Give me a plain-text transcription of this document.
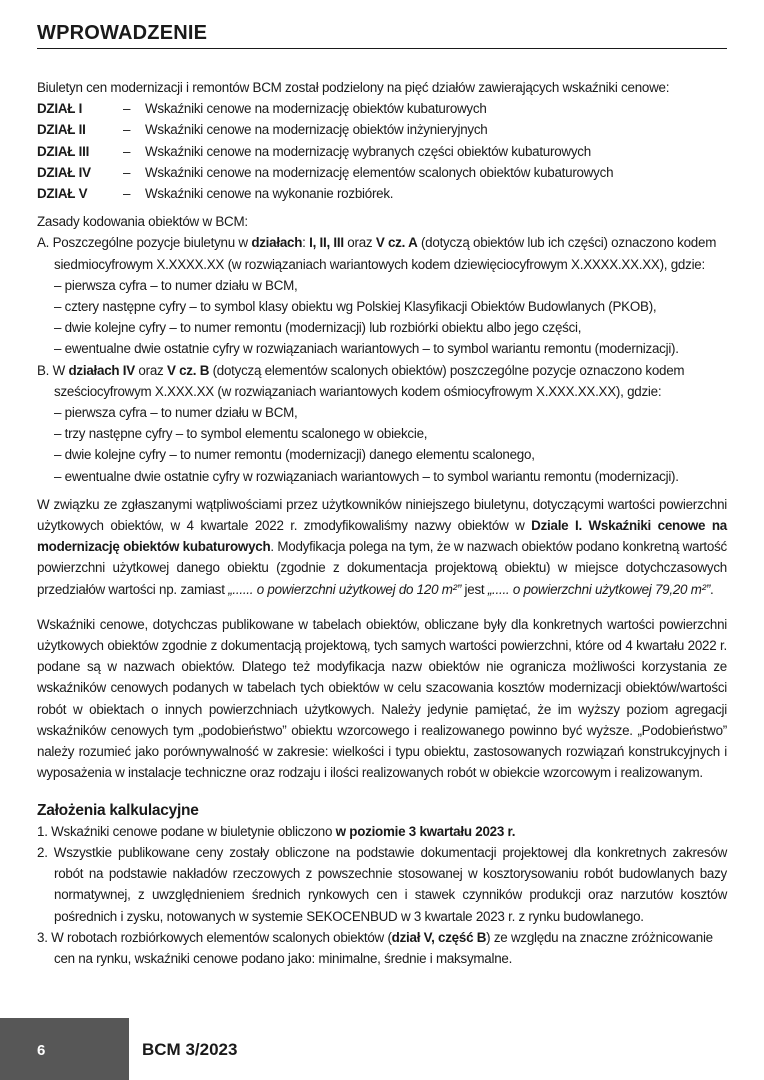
WPROWADZENIE

Biuletyn cen modernizacji i remontów BCM został podzielony na pięć działów zawierających wskaźniki cenowe:

DZIAŁ I	–	Wskaźniki cenowe na modernizację obiektów kubaturowych
DZIAŁ II	–	Wskaźniki cenowe na modernizację obiektów inżynieryjnych
DZIAŁ III	–	Wskaźniki cenowe na modernizację wybranych części obiektów kubaturowych
DZIAŁ IV	–	Wskaźniki cenowe na modernizację elementów scalonych obiektów kubaturowych
DZIAŁ V	–	Wskaźniki cenowe na wykonanie rozbiórek.

Zasady kodowania obiektów w BCM:

A. Poszczególne pozycje biuletynu w działach: I, II, III oraz V cz. A (dotyczą obiektów lub ich części) oznaczono kodem siedmiocyfrowym X.XXXX.XX (w rozwiązaniach wariantowych kodem dziewięciocyfrowym X.XXXX.XX.XX), gdzie:

– pierwsza cyfra – to numer działu w BCM,

– cztery następne cyfry – to symbol klasy obiektu wg Polskiej Klasyfikacji Obiektów Budowlanych (PKOB),

– dwie kolejne cyfry – to numer remontu (modernizacji) lub rozbiórki obiektu albo jego części,

– ewentualne dwie ostatnie cyfry w rozwiązaniach wariantowych – to symbol wariantu remontu (modernizacji).

B. W działach IV oraz V cz. B (dotyczą elementów scalonych obiektów) poszczególne pozycje oznaczono kodem sześciocyfrowym X.XXX.XX (w rozwiązaniach wariantowych kodem ośmiocyfrowym X.XXX.XX.XX), gdzie:

– pierwsza cyfra – to numer działu w BCM,

– trzy następne cyfry – to symbol elementu scalonego w obiekcie,

– dwie kolejne cyfry – to numer remontu (modernizacji) danego elementu scalonego,

– ewentualne dwie ostatnie cyfry w rozwiązaniach wariantowych – to symbol wariantu remontu (modernizacji).

W związku ze zgłaszanymi wątpliwościami przez użytkowników niniejszego biuletynu, dotyczącymi wartości powierzchni użytkowych obiektów, w 4 kwartale 2022 r. zmodyfikowaliśmy nazwy obiektów w Dziale I. Wskaźniki cenowe na modernizację obiektów kubaturowych. Modyfikacja polega na tym, że w nazwach obiektów podano konkretną wartość powierzchni użytkowej danego obiektu (zgodnie z dokumentacja projektową obiektu) w miejsce dotychczasowych przedziałów wartości np. zamiast „...... o powierzchni użytkowej do 120 m²” jest „..... o powierzchni użytkowej 79,20 m²”.

Wskaźniki cenowe, dotychczas publikowane w tabelach obiektów, obliczane były dla konkretnych wartości powierzchni użytkowych obiektów zgodnie z dokumentacją projektową, tych samych wartości powierzchni, które od 4 kwartału 2022 r. podane są w nazwach obiektów. Dlatego też modyfikacja nazw obiektów nie ogranicza możliwości korzystania ze wskaźników cenowych podanych w tabelach tych obiektów w celu szacowania kosztów modernizacji obiektów/wartości robót w obiektach o innych powierzchniach użytkowych. Należy jedynie pamiętać, że im wyższy poziom agregacji wskaźników cenowych tym „podobieństwo” obiektu wzorcowego i realizowanego powinno być wyższe. „Podobieństwo” należy rozumieć jako porównywalność w zakresie: wielkości i typu obiektu, zastosowanych rozwiązań konstrukcyjnych i wyposażenia w instalacje techniczne oraz rodzaju i ilości realizowanych robót w obiekcie wzorcowym i realizowanym.

Założenia kalkulacyjne

1. Wskaźniki cenowe podane w biuletynie obliczono w poziomie 3 kwartału 2023 r.

2. Wszystkie publikowane ceny zostały obliczone na podstawie dokumentacji projektowej dla konkretnych zakresów robót na podstawie nakładów rzeczowych z powszechnie stosowanej w kosztorysowaniu robót budowlanych bazy normatywnej, z uwzględnieniem średnich rynkowych cen i stawek czynników produkcji oraz narzutów kosztów pośrednich i zysku, notowanych w systemie SEKOCENBUD w 3 kwartale 2023 r. z rynku budowlanego.

3. W robotach rozbiórkowych elementów scalonych obiektów (dział V, część B) ze względu na znaczne zróżnicowanie cen na rynku, wskaźniki cenowe podano jako: minimalne, średnie i maksymalne.

6	BCM 3/2023
